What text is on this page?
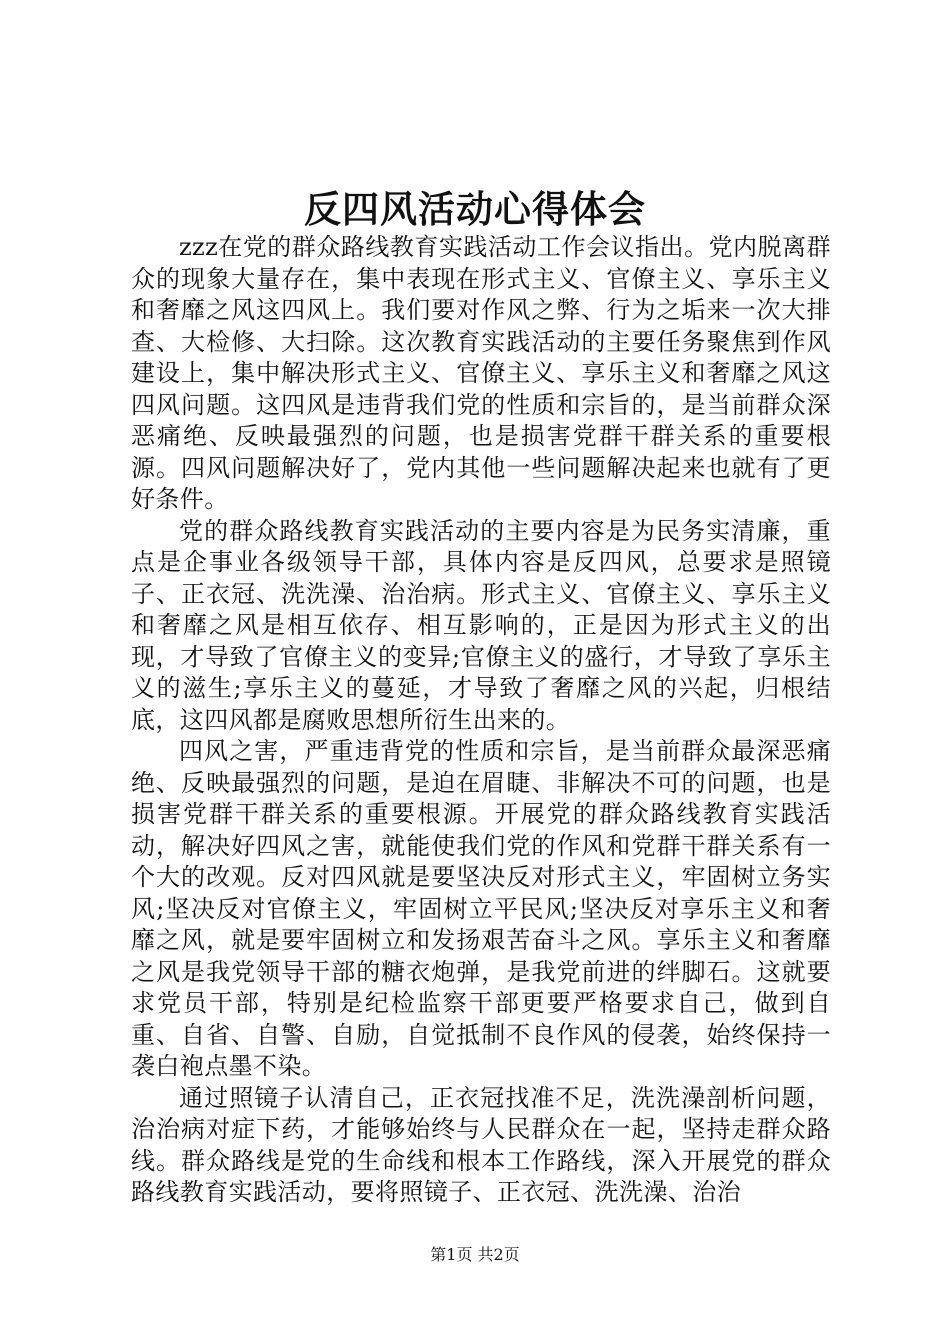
反四风活动心得体会

zzz在党的群众路线教育实践活动工作会议指出。党内脱离群众的现象大量存在，集中表现在形式主义、官僚主义、享乐主义和奢靡之风这四风上。我们要对作风之弊、行为之垢来一次大排查、大检修、大扫除。这次教育实践活动的主要任务聚焦到作风建设上，集中解决形式主义、官僚主义、享乐主义和奢靡之风这四风问题。这四风是违背我们党的性质和宗旨的，是当前群众深恶痛绝、反映最强烈的问题，也是损害党群干群关系的重要根源。四风问题解决好了，党内其他一些问题解决起来也就有了更好条件。

党的群众路线教育实践活动的主要内容是为民务实清廉，重点是企事业各级领导干部，具体内容是反四风，总要求是照镜子、正衣冠、洗洗澡、治治病。形式主义、官僚主义、享乐主义和奢靡之风是相互依存、相互影响的，正是因为形式主义的出现，才导致了官僚主义的变异;官僚主义的盛行，才导致了享乐主义的滋生;享乐主义的蔓延，才导致了奢靡之风的兴起，归根结底，这四风都是腐败思想所衍生出来的。

四风之害，严重违背党的性质和宗旨，是当前群众最深恶痛绝、反映最强烈的问题，是迫在眉睫、非解决不可的问题，也是损害党群干群关系的重要根源。开展党的群众路线教育实践活动，解决好四风之害，就能使我们党的作风和党群干群关系有一个大的改观。反对四风就是要坚决反对形式主义，牢固树立务实风;坚决反对官僚主义，牢固树立平民风;坚决反对享乐主义和奢靡之风，就是要牢固树立和发扬艰苦奋斗之风。享乐主义和奢靡之风是我党领导干部的糖衣炮弹，是我党前进的绊脚石。这就要求党员干部，特别是纪检监察干部更要严格要求自己，做到自重、自省、自警、自励，自觉抵制不良作风的侵袭，始终保持一袭白袍点墨不染。

通过照镜子认清自己，正衣冠找准不足，洗洗澡剖析问题，治治病对症下药，才能够始终与人民群众在一起，坚持走群众路线。群众路线是党的生命线和根本工作路线，深入开展党的群众路线教育实践活动，要将照镜子、正衣冠、洗洗澡、治治

第1页 共2页
